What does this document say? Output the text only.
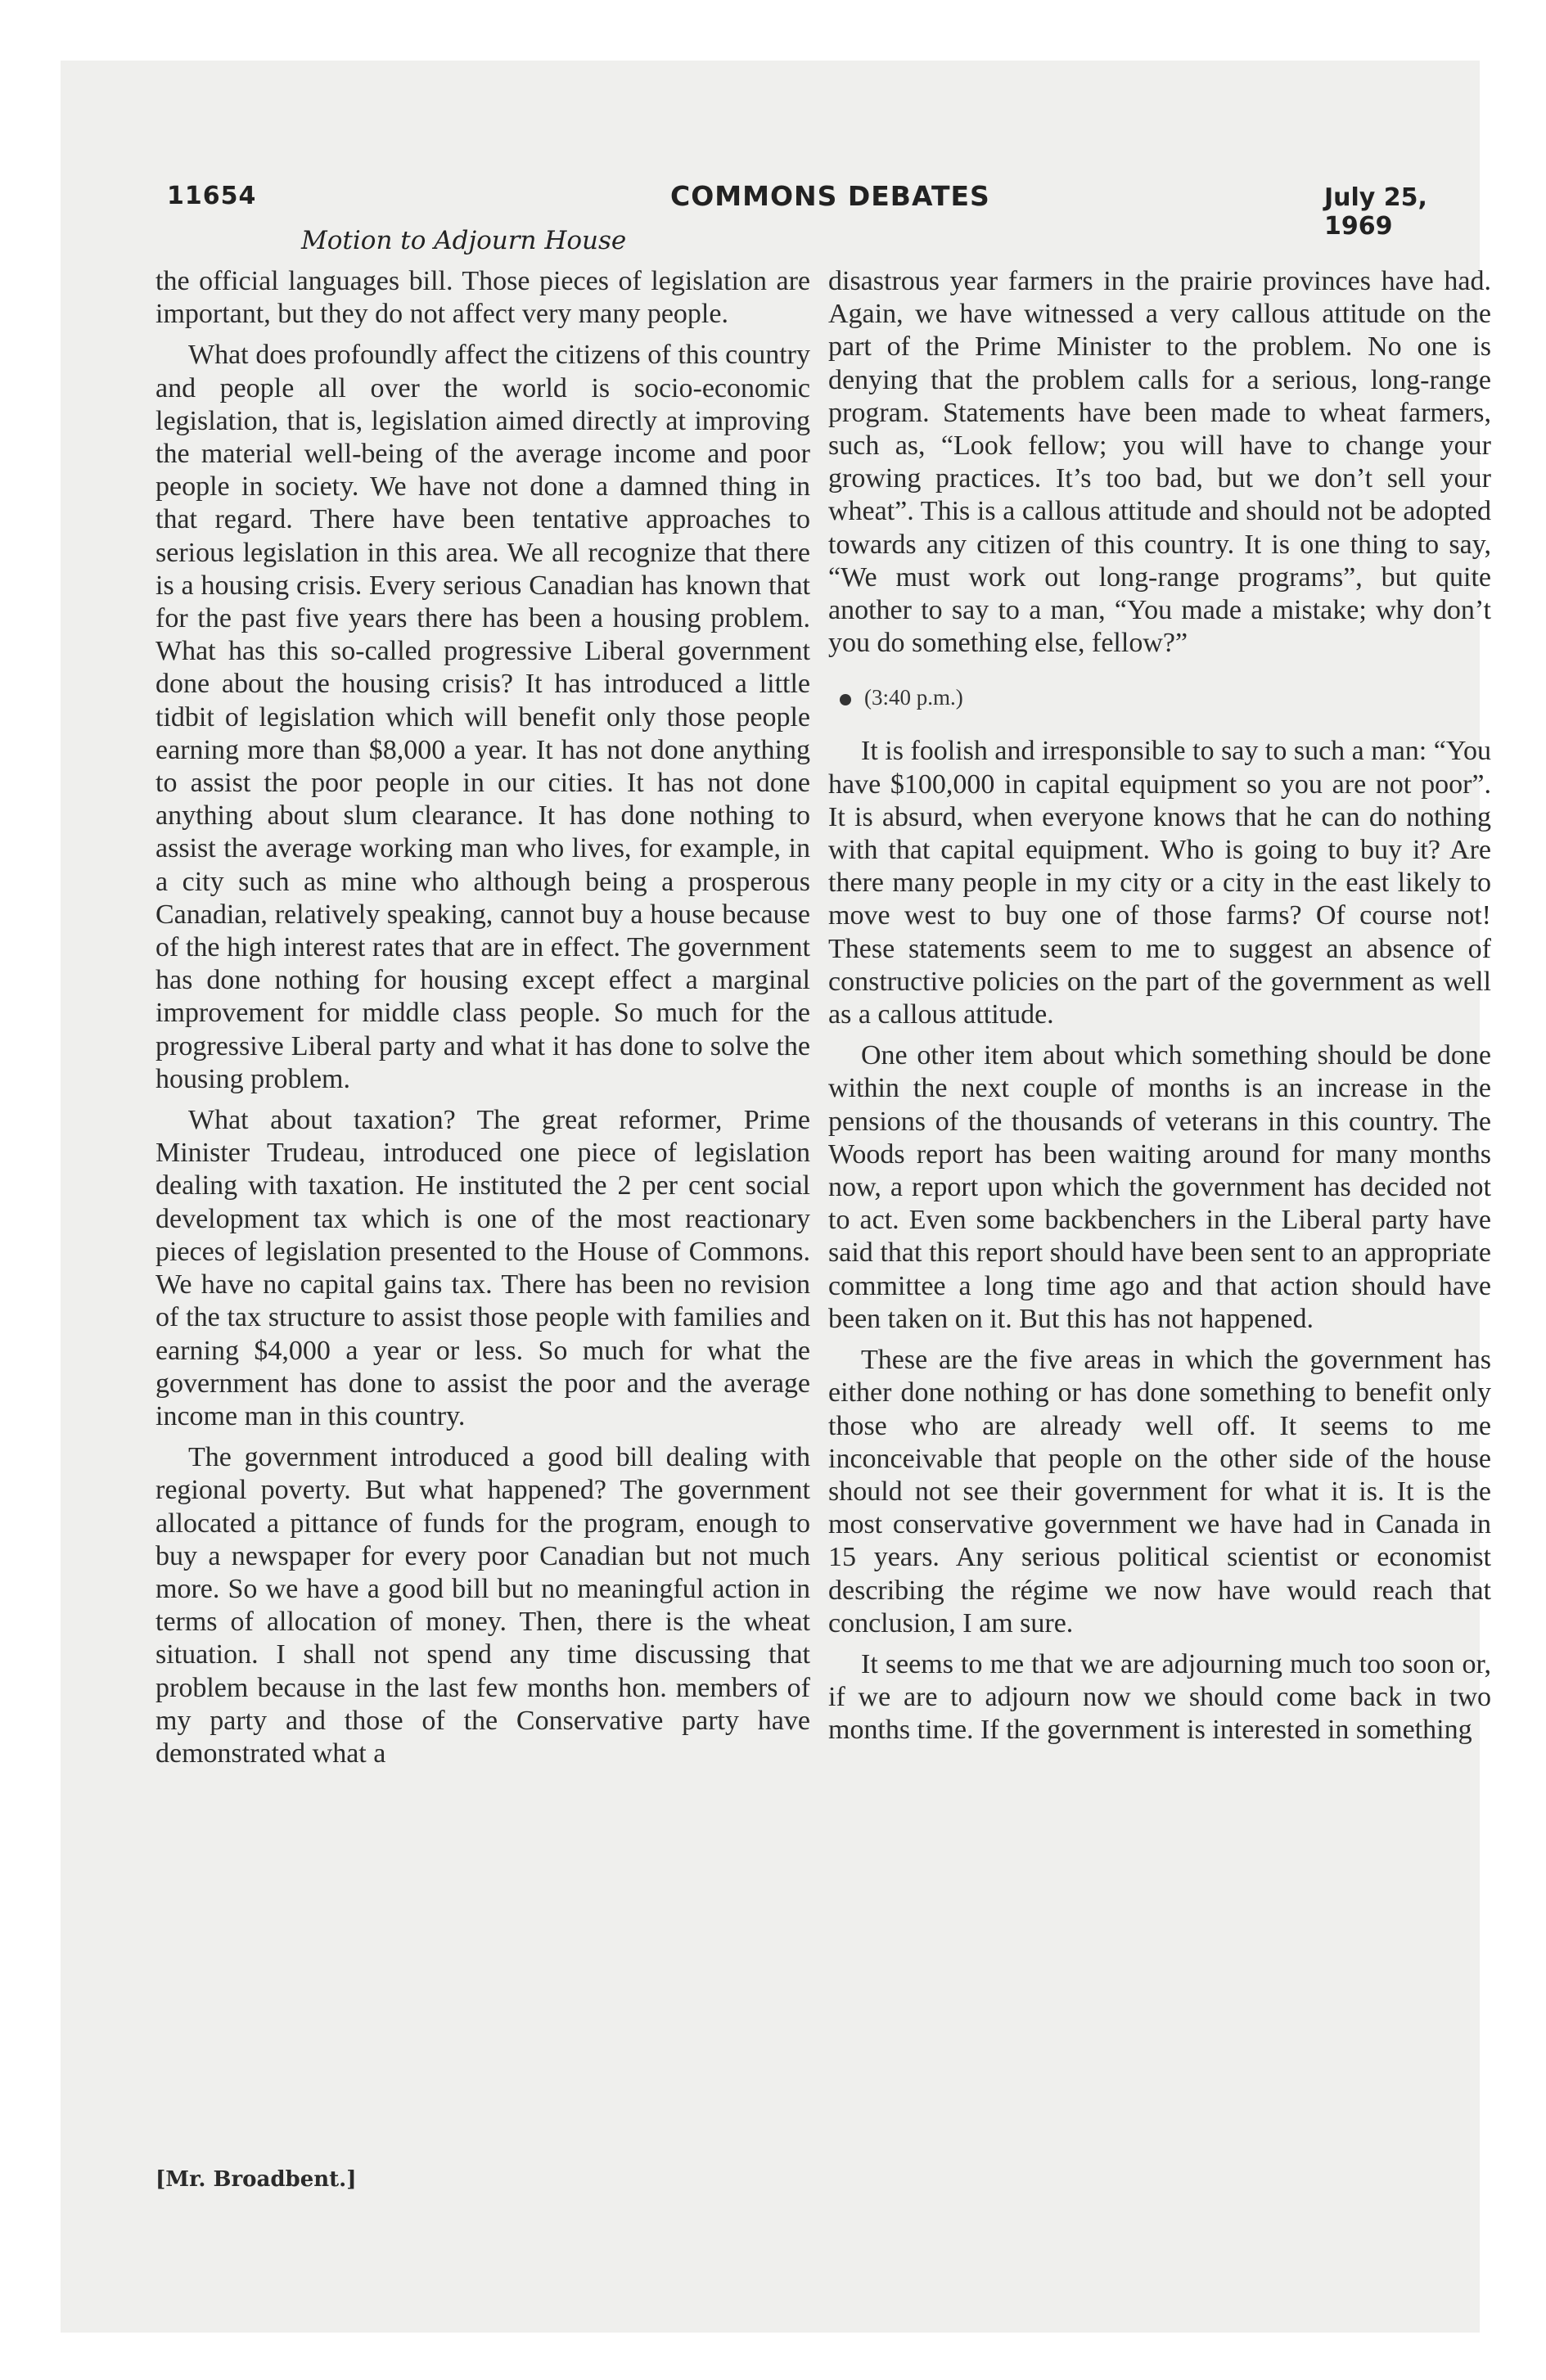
11654	COMMONS DEBATES	July 25, 1969
Motion to Adjourn House

the official languages bill. Those pieces of legislation are important, but they do not affect very many people.

What does profoundly affect the citizens of this country and people all over the world is socio-economic legislation, that is, legislation aimed directly at improving the material well-being of the average income and poor people in society. We have not done a damned thing in that regard. There have been tentative approaches to serious legislation in this area. We all recognize that there is a housing crisis. Every serious Canadian has known that for the past five years there has been a housing problem. What has this so-called progressive Liberal government done about the housing crisis? It has introduced a little tidbit of legislation which will benefit only those people earning more than $8,000 a year. It has not done anything to assist the poor people in our cities. It has not done anything about slum clearance. It has done nothing to assist the average working man who lives, for example, in a city such as mine who although being a prosperous Canadian, relatively speaking, cannot buy a house because of the high interest rates that are in effect. The government has done nothing for housing except effect a marginal improvement for middle class people. So much for the progressive Liberal party and what it has done to solve the housing problem.

What about taxation? The great reformer, Prime Minister Trudeau, introduced one piece of legislation dealing with taxation. He instituted the 2 per cent social development tax which is one of the most reactionary pieces of legislation presented to the House of Commons. We have no capital gains tax. There has been no revision of the tax structure to assist those people with families and earning $4,000 a year or less. So much for what the government has done to assist the poor and the average income man in this country.

The government introduced a good bill dealing with regional poverty. But what happened? The government allocated a pittance of funds for the program, enough to buy a newspaper for every poor Canadian but not much more. So we have a good bill but no meaningful action in terms of allocation of money. Then, there is the wheat situation. I shall not spend any time discussing that problem because in the last few months hon. members of my party and those of the Conservative party have demonstrated what a

disastrous year farmers in the prairie provinces have had. Again, we have witnessed a very callous attitude on the part of the Prime Minister to the problem. No one is denying that the problem calls for a serious, long-range program. Statements have been made to wheat farmers, such as, “Look fellow; you will have to change your growing practices. It’s too bad, but we don’t sell your wheat”. This is a callous attitude and should not be adopted towards any citizen of this country. It is one thing to say, “We must work out long-range programs”, but quite another to say to a man, “You made a mistake; why don’t you do something else, fellow?”

(3:40 p.m.)

It is foolish and irresponsible to say to such a man: “You have $100,000 in capital equipment so you are not poor”. It is absurd, when everyone knows that he can do nothing with that capital equipment. Who is going to buy it? Are there many people in my city or a city in the east likely to move west to buy one of those farms? Of course not! These statements seem to me to suggest an absence of constructive policies on the part of the government as well as a callous attitude.

One other item about which something should be done within the next couple of months is an increase in the pensions of the thousands of veterans in this country. The Woods report has been waiting around for many months now, a report upon which the government has decided not to act. Even some backbenchers in the Liberal party have said that this report should have been sent to an appropriate committee a long time ago and that action should have been taken on it. But this has not happened.

These are the five areas in which the government has either done nothing or has done something to benefit only those who are already well off. It seems to me inconceivable that people on the other side of the house should not see their government for what it is. It is the most conservative government we have had in Canada in 15 years. Any serious political scientist or economist describing the régime we now have would reach that conclusion, I am sure.

It seems to me that we are adjourning much too soon or, if we are to adjourn now we should come back in two months time. If the government is interested in something

[Mr. Broadbent.]
